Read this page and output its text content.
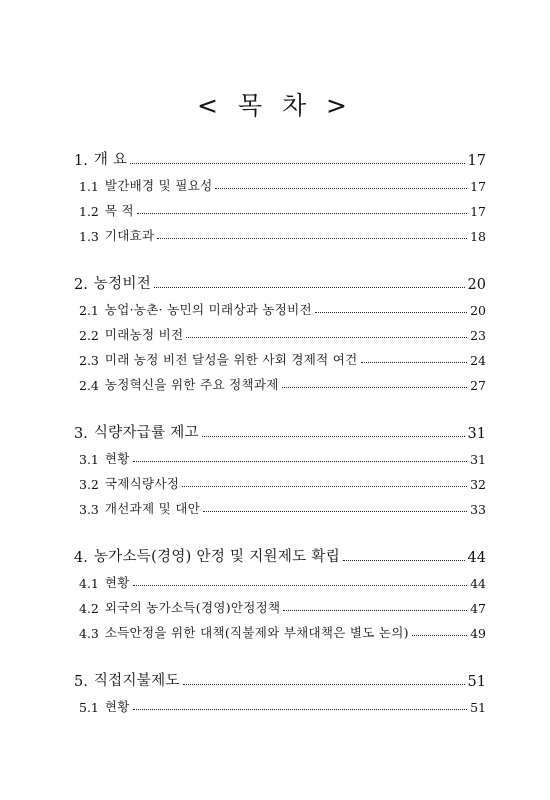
< 목 차 >
1. 개 요	17
1.1 발간배경 및 필요성	17
1.2 목 적	17
1.3 기대효과	18
2. 농정비전	20
2.1 농업·농촌· 농민의 미래상과 농정비전	20
2.2 미래농정 비전	23
2.3 미래 농정 비전 달성을 위한 사회 경제적 여건	24
2.4 농정혁신을 위한 주요 정책과제	27
3. 식량자급률 제고	31
3.1 현황	31
3.2 국제식량사정	32
3.3 개선과제 및 대안	33
4. 농가소득(경영) 안정 및 지원제도 확립	44
4.1 현황	44
4.2 외국의 농가소득(경영)안정정책	47
4.3 소득안정을 위한 대책(직불제와 부채대책은 별도 논의)	49
5. 직접지불제도	51
5.1 현황	51
